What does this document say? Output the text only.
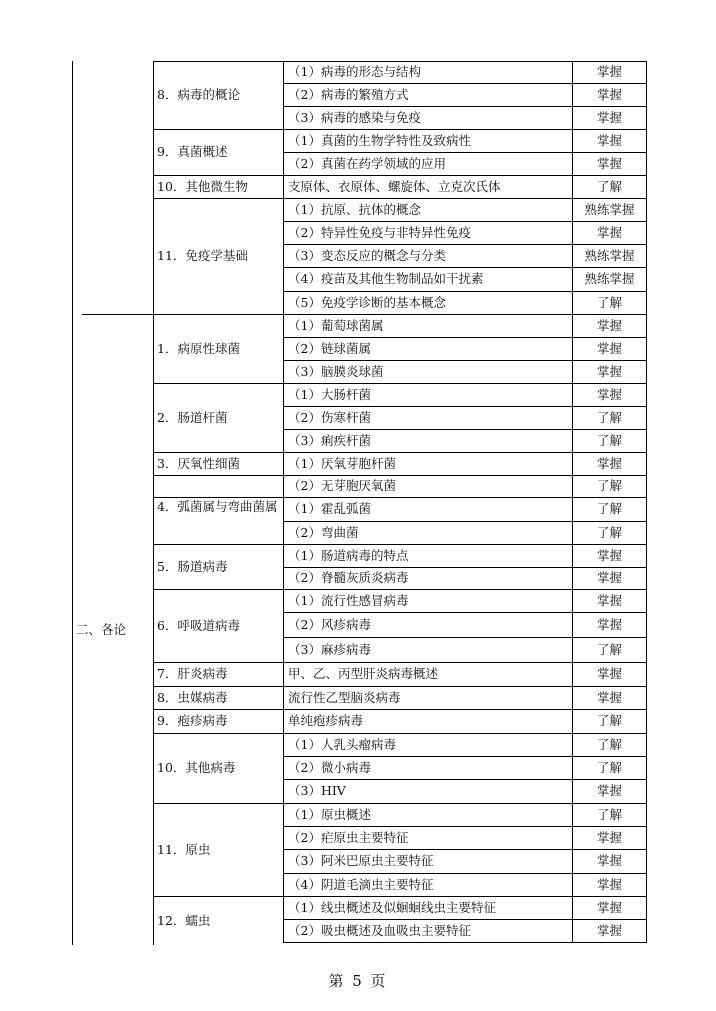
二、各论
8．病毒的概论
（1）病毒的形态与结构	掌握
（2）病毒的繁殖方式	掌握
（3）病毒的感染与免疫	掌握
9．真菌概述
（1）真菌的生物学特性及致病性	掌握
（2）真菌在药学领域的应用	掌握
10．其他微生物	支原体、衣原体、螺旋体、立克次氏体	了解
11．免疫学基础
（1）抗原、抗体的概念	熟练掌握
（2）特异性免疫与非特异性免疫	掌握
（3）变态反应的概念与分类	熟练掌握
（4）疫苗及其他生物制品如干扰素	熟练掌握
（5）免疫学诊断的基本概念	了解
1．病原性球菌
（1）葡萄球菌属	掌握
（2）链球菌属	掌握
（3）脑膜炎球菌	掌握
2．肠道杆菌
（1）大肠杆菌	掌握
（2）伤寒杆菌	了解
（3）痢疾杆菌	了解
3．厌氧性细菌	（1）厌氧芽胞杆菌	掌握
（2）无芽胞厌氧菌	了解
4．弧菌属与弯曲菌属 （1）霍乱弧菌	了解
（2）弯曲菌	了解
5．肠道病毒
（1）肠道病毒的特点	掌握
（2）脊髓灰质炎病毒	掌握
6．呼吸道病毒
（1）流行性感冒病毒	掌握
（2）风疹病毒	掌握
（3）麻疹病毒	了解
7．肝炎病毒	甲、乙、丙型肝炎病毒概述	掌握
8．虫媒病毒	流行性乙型脑炎病毒	掌握
9．疱疹病毒	单纯疱疹病毒	了解
10．其他病毒
（1）人乳头瘤病毒	了解
（2）微小病毒	了解
（3）HIV	掌握
11．原虫
（1）原虫概述	了解
（2）疟原虫主要特征	掌握
（3）阿米巴原虫主要特征	掌握
（4）阴道毛滴虫主要特征	掌握
12．蠕虫
（1）线虫概述及似蛔蛔线虫主要特征	掌握
（2）吸虫概述及血吸虫主要特征	掌握
第 5 页
